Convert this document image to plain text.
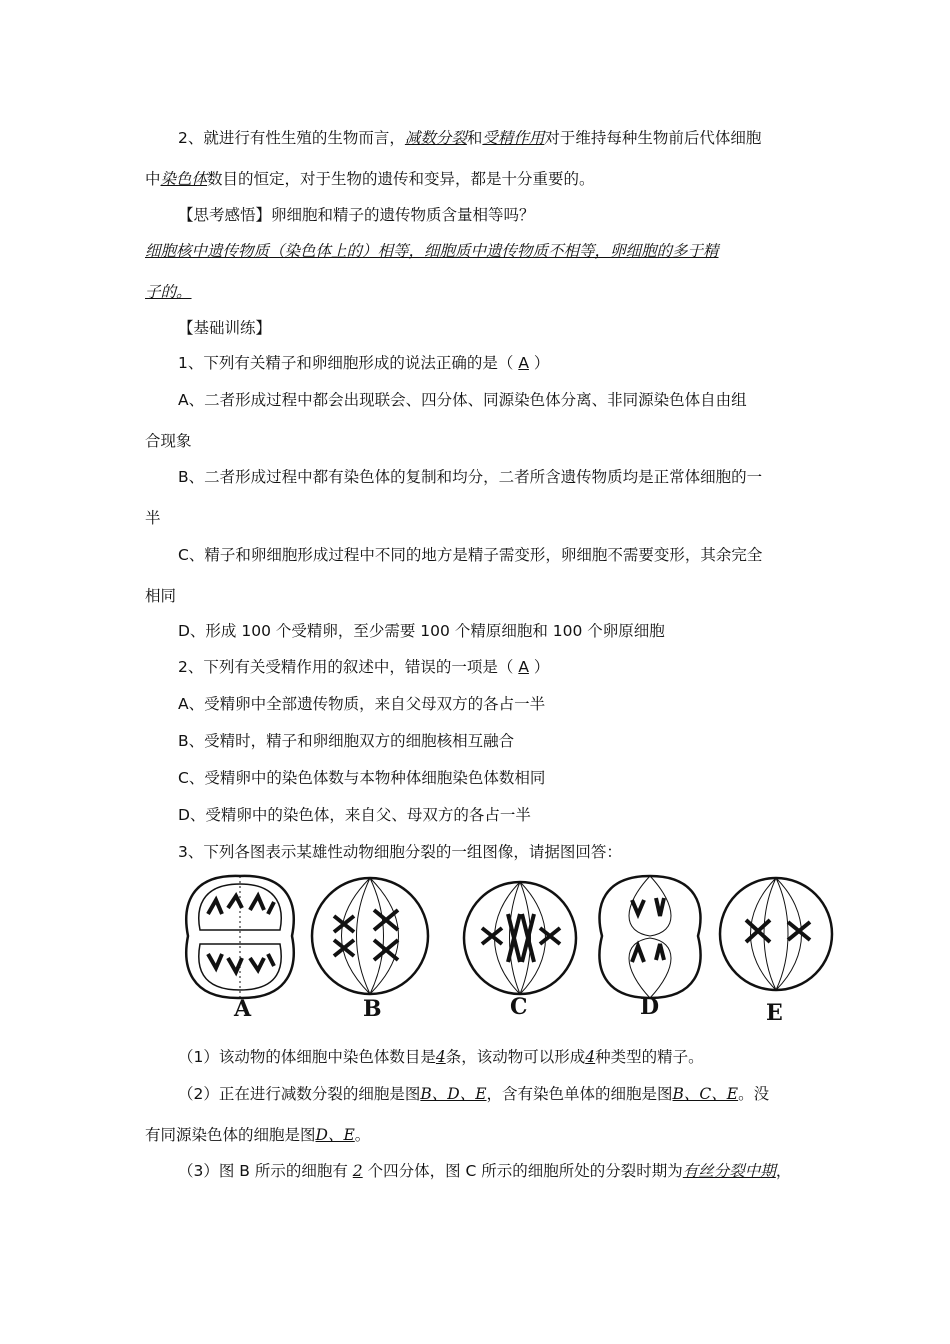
2、就进行有性生殖的生物而言，减数分裂和受精作用对于维持每种生物前后代体细胞
中染色体数目的恒定，对于生物的遗传和变异，都是十分重要的。
【思考感悟】卵细胞和精子的遗传物质含量相等吗？
细胞核中遗传物质（染色体上的）相等，细胞质中遗传物质不相等，卵细胞的多于精
子的。
【基础训练】
1、下列有关精子和卵细胞形成的说法正确的是（ A ）
A、二者形成过程中都会出现联会、四分体、同源染色体分离、非同源染色体自由组
合现象
B、二者形成过程中都有染色体的复制和均分，二者所含遗传物质均是正常体细胞的一
半
C、精子和卵细胞形成过程中不同的地方是精子需变形，卵细胞不需要变形，其余完全
相同
D、形成 100 个受精卵，至少需要 100 个精原细胞和 100 个卵原细胞
2、下列有关受精作用的叙述中，错误的一项是（ A ）
A、受精卵中全部遗传物质，来自父母双方的各占一半
B、受精时，精子和卵细胞双方的细胞核相互融合
C、受精卵中的染色体数与本物种体细胞染色体数相同
D、受精卵中的染色体，来自父、母双方的各占一半
3、下列各图表示某雄性动物细胞分裂的一组图像，请据图回答：
A	B	C	D	E
（1）该动物的体细胞中染色体数目是4条，该动物可以形成4种类型的精子。
（2）正在进行减数分裂的细胞是图B、D、E，含有染色单体的细胞是图B、C、E。没
有同源染色体的细胞是图D、E。
（3）图 B 所示的细胞有 2 个四分体，图 C 所示的细胞所处的分裂时期为有丝分裂中期，
